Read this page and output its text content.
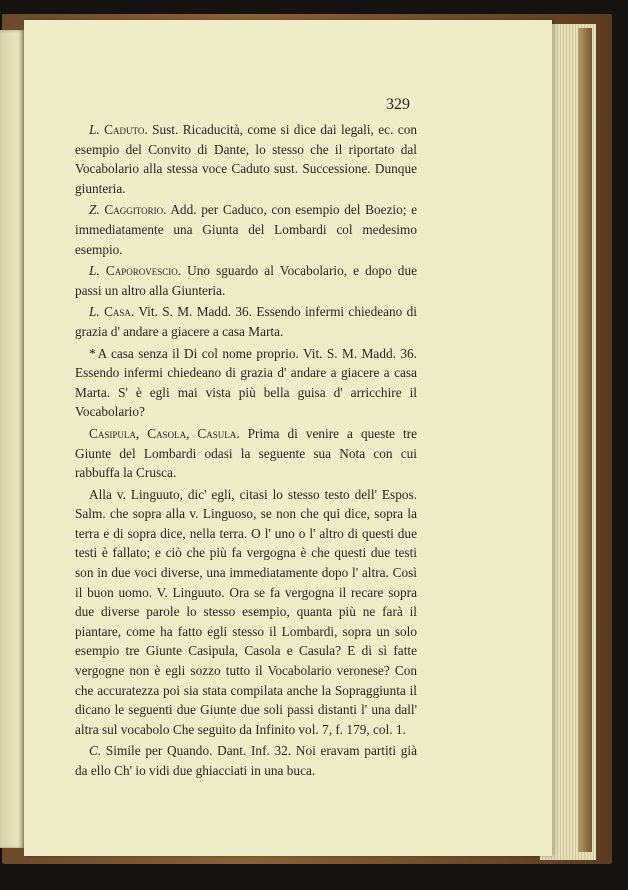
329

L. Caduto. Sust. Ricaducità, come si dice dai legali, ec. con esempio del Convito di Dante, lo stesso che il riportato dal Vocabolario alla stessa voce Caduto sust. Successione. Dunque giunteria.

Z. Caggitorio. Add. per Caduco, con esempio del Boezio; e immediatamente una Giunta del Lombardi col medesimo esempio.

L. Caporovescio. Uno sguardo al Vocabolario, e dopo due passi un altro alla Giunteria.

L. Casa. Vit. S. M. Madd. 36. Essendo infermi chiedeano di grazia d' andare a giacere a casa Marta.

* A casa senza il Di col nome proprio. Vit. S. M. Madd. 36. Essendo infermi chiedeano di grazia d' andare a giacere a casa Marta. S' è egli mai vista più bella guisa d' arricchire il Vocabolario?

Casipula, Casola, Casula. Prima di venire a queste tre Giunte del Lombardi odasi la seguente sua Nota con cui rabbuffa la Crusca.

Alla v. Linguuto, dic' egli, citasi lo stesso testo dell' Espos. Salm. che sopra alla v. Linguoso, se non che qui dice, sopra la terra e di sopra dice, nella terra. O l' uno o l' altro di questi due testi è fallato; e ciò che più fa vergogna è che questi due testi son in due voci diverse, una immediatamente dopo l' altra. Così il buon uomo. V. Linguuto. Ora se fa vergogna il recare sopra due diverse parole lo stesso esempio, quanta più ne farà il piantare, come ha fatto egli stesso il Lombardi, sopra un solo esempio tre Giunte Casipula, Casola e Casula? E di sì fatte vergogne non è egli sozzo tutto il Vocabolario veronese? Con che accuratezza poi sia stata compilata anche la Sopraggiunta il dicano le seguenti due Giunte due soli passi distanti l' una dall' altra sul vocabolo Che seguito da Infinito vol. 7, f. 179, col. 1.

C. Simile per Quando. Dant. Inf. 32. Noi eravam partiti già da ello Ch' io vidi due ghiacciati in una buca.
